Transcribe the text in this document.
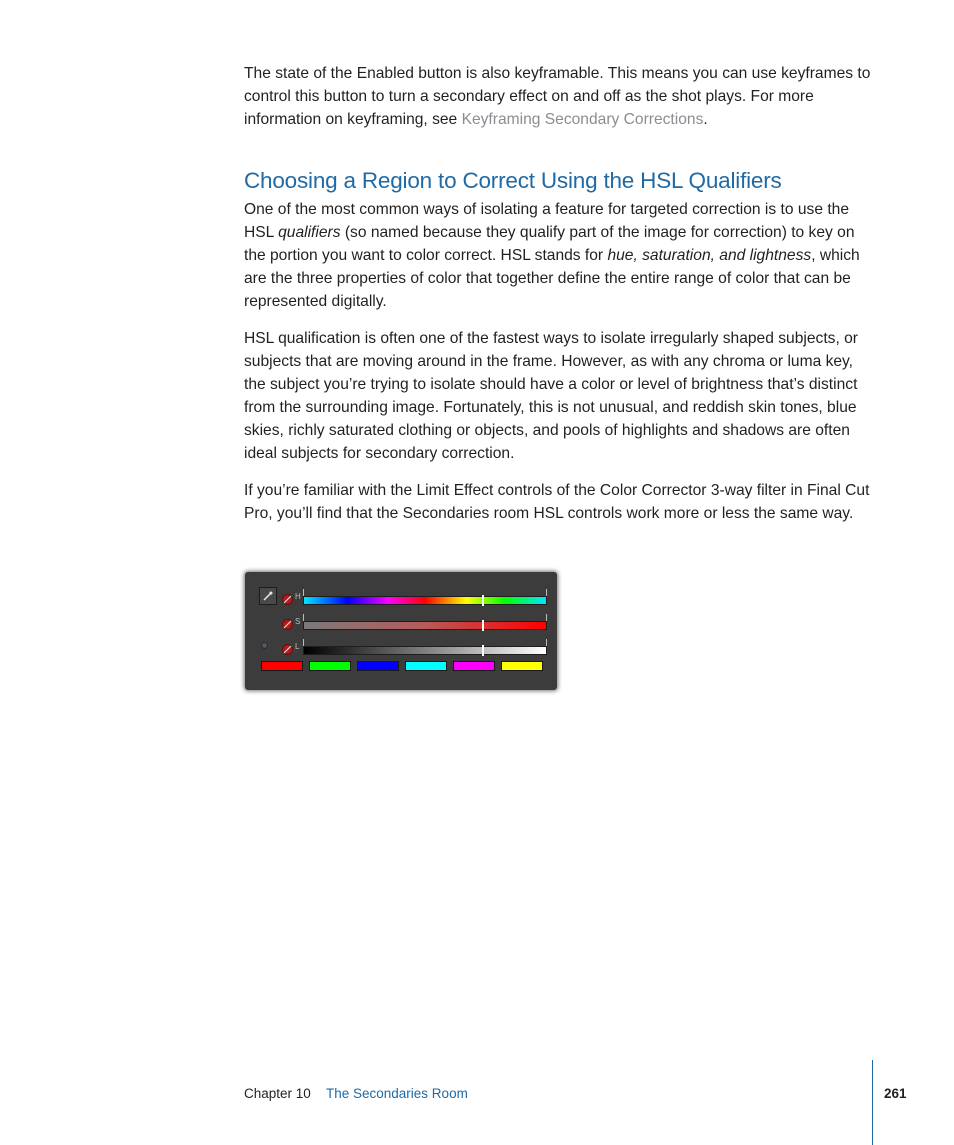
The state of the Enabled button is also keyframable. This means you can use keyframes to control this button to turn a secondary effect on and off as the shot plays. For more information on keyframing, see Keyframing Secondary Corrections.

Choosing a Region to Correct Using the HSL Qualifiers

One of the most common ways of isolating a feature for targeted correction is to use the HSL qualifiers (so named because they qualify part of the image for correction) to key on the portion you want to color correct. HSL stands for hue, saturation, and lightness, which are the three properties of color that together define the entire range of color that can be represented digitally.

HSL qualification is often one of the fastest ways to isolate irregularly shaped subjects, or subjects that are moving around in the frame. However, as with any chroma or luma key, the subject you’re trying to isolate should have a color or level of brightness that’s distinct from the surrounding image. Fortunately, this is not unusual, and reddish skin tones, blue skies, richly saturated clothing or objects, and pools of highlights and shadows are often ideal subjects for secondary correction.

If you’re familiar with the Limit Effect controls of the Color Corrector 3-way filter in Final Cut Pro, you’ll find that the Secondaries room HSL controls work more or less the same way.

H
S
L
Chapter 10 The Secondaries Room	261
